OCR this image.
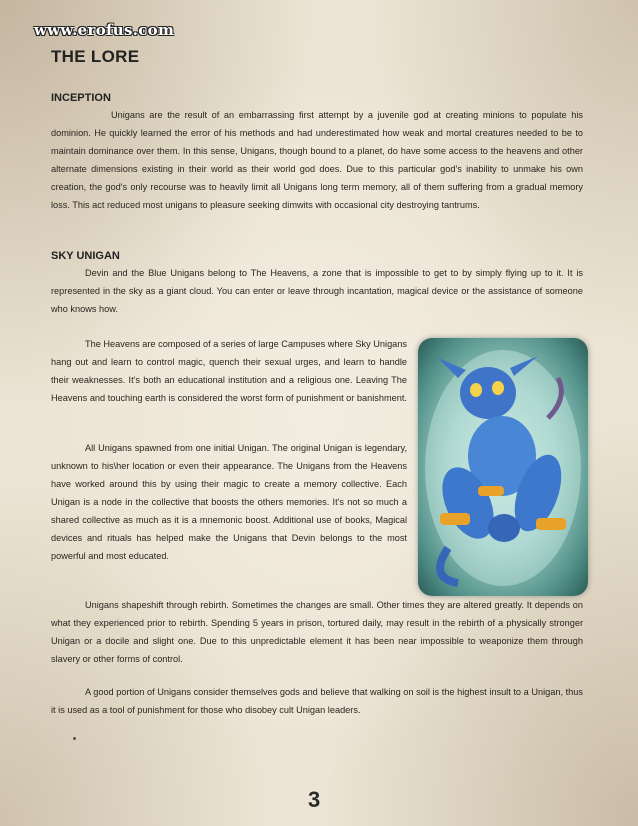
www.erofus.com
THE LORE
INCEPTION

Unigans are the result of an embarrassing first attempt by a juvenile god at creating minions to populate his dominion. He quickly learned the error of his methods and had underestimated how weak and mortal creatures needed to be to maintain dominance over them. In this sense, Unigans, though bound to a planet, do have some access to the heavens and other alternate dimensions existing in their world as their world god does. Due to this particular god's inability to unmake his own creation, the god's only recourse was to heavily limit all Unigans long term memory, all of them suffering from a gradual memory loss. This act reduced most unigans to pleasure seeking dimwits with occasional city destroying tantrums.

SKY UNIGAN

Devin and the Blue Unigans belong to The Heavens, a zone that is impossible to get to by simply flying up to it. It is represented in the sky as a giant cloud. You can enter or leave through incantation, magical device or the assistance of someone who knows how.

The Heavens are composed of a series of large Campuses where Sky Unigans hang out and learn to control magic, quench their sexual urges, and learn to handle their weaknesses. It's both an educational institution and a religious one. Leaving The Heavens and touching earth is considered the worst form of punishment or banishment.

All Unigans spawned from one initial Unigan. The original Unigan is legendary, unknown to his\her location or even their appearance. The Unigans from the Heavens have worked around this by using their magic to create a memory collective. Each Unigan is a node in the collective that boosts the others memories. It's not so much a shared collective as much as it is a mnemonic boost. Additional use of books, Magical devices and rituals has helped make the Unigans that Devin belongs to the most powerful and most educated.

Unigans shapeshift through rebirth. Sometimes the changes are small. Other times they are altered greatly. It depends on what they experienced prior to rebirth. Spending 5 years in prison, tortured daily, may result in the rebirth of a physically stronger Unigan or a docile and slight one. Due to this unpredictable element it has been near impossible to weaponize them through slavery or other forms of control.

A good portion of Unigans consider themselves gods and believe that walking on soil is the highest insult to a Unigan, thus it is used as a tool of punishment for those who disobey cult Unigan leaders.

3
